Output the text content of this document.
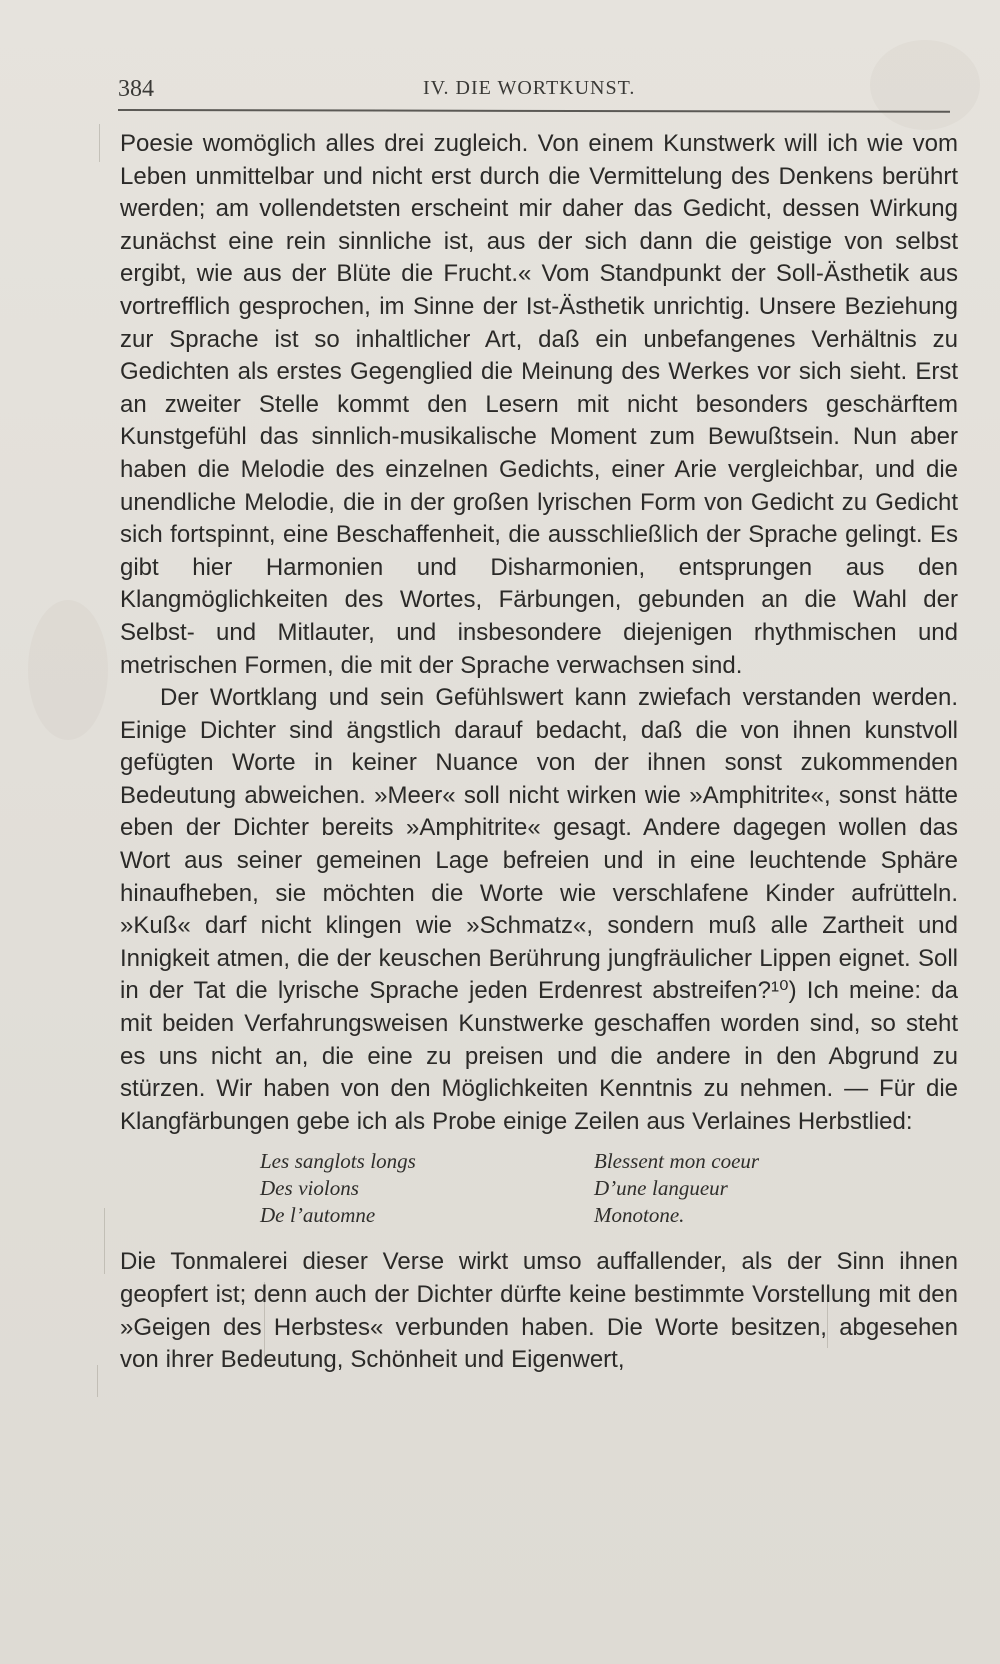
384	IV. DIE WORTKUNST.

Poesie womöglich alles drei zugleich. Von einem Kunstwerk will ich wie vom Leben unmittelbar und nicht erst durch die Vermittelung des Denkens berührt werden; am vollendetsten erscheint mir daher das Gedicht, dessen Wirkung zunächst eine rein sinnliche ist, aus der sich dann die geistige von selbst ergibt, wie aus der Blüte die Frucht.« Vom Standpunkt der Soll-Ästhetik aus vortrefflich gesprochen, im Sinne der Ist-Ästhetik unrichtig. Unsere Beziehung zur Sprache ist so inhaltlicher Art, daß ein unbefangenes Verhältnis zu Gedichten als erstes Gegenglied die Meinung des Werkes vor sich sieht. Erst an zweiter Stelle kommt den Lesern mit nicht besonders geschärftem Kunstgefühl das sinnlich-musikalische Moment zum Bewußtsein. Nun aber haben die Melodie des einzelnen Gedichts, einer Arie vergleichbar, und die unendliche Melodie, die in der großen lyrischen Form von Gedicht zu Gedicht sich fortspinnt, eine Beschaffenheit, die ausschließlich der Sprache gelingt. Es gibt hier Harmonien und Disharmonien, entsprungen aus den Klangmöglichkeiten des Wortes, Färbungen, gebunden an die Wahl der Selbst- und Mitlauter, und insbesondere diejenigen rhythmischen und metrischen Formen, die mit der Sprache verwachsen sind.

Der Wortklang und sein Gefühlswert kann zwiefach verstanden werden. Einige Dichter sind ängstlich darauf bedacht, daß die von ihnen kunstvoll gefügten Worte in keiner Nuance von der ihnen sonst zukommenden Bedeutung abweichen. »Meer« soll nicht wirken wie »Amphitrite«, sonst hätte eben der Dichter bereits »Amphitrite« gesagt. Andere dagegen wollen das Wort aus seiner gemeinen Lage befreien und in eine leuchtende Sphäre hinaufheben, sie möchten die Worte wie verschlafene Kinder aufrütteln. »Kuß« darf nicht klingen wie »Schmatz«, sondern muß alle Zartheit und Innigkeit atmen, die der keuschen Berührung jungfräulicher Lippen eignet. Soll in der Tat die lyrische Sprache jeden Erdenrest abstreifen?¹⁰) Ich meine: da mit beiden Verfahrungsweisen Kunstwerke geschaffen worden sind, so steht es uns nicht an, die eine zu preisen und die andere in den Abgrund zu stürzen. Wir haben von den Möglichkeiten Kenntnis zu nehmen. — Für die Klangfärbungen gebe ich als Probe einige Zeilen aus Verlaines Herbstlied:

Les sanglots longs
Des violons
De l’automne
Blessent mon coeur
D’une langueur
Monotone.

Die Tonmalerei dieser Verse wirkt umso auffallender, als der Sinn ihnen geopfert ist; denn auch der Dichter dürfte keine bestimmte Vorstellung mit den »Geigen des Herbstes« verbunden haben. Die Worte besitzen, abgesehen von ihrer Bedeutung, Schönheit und Eigenwert,
